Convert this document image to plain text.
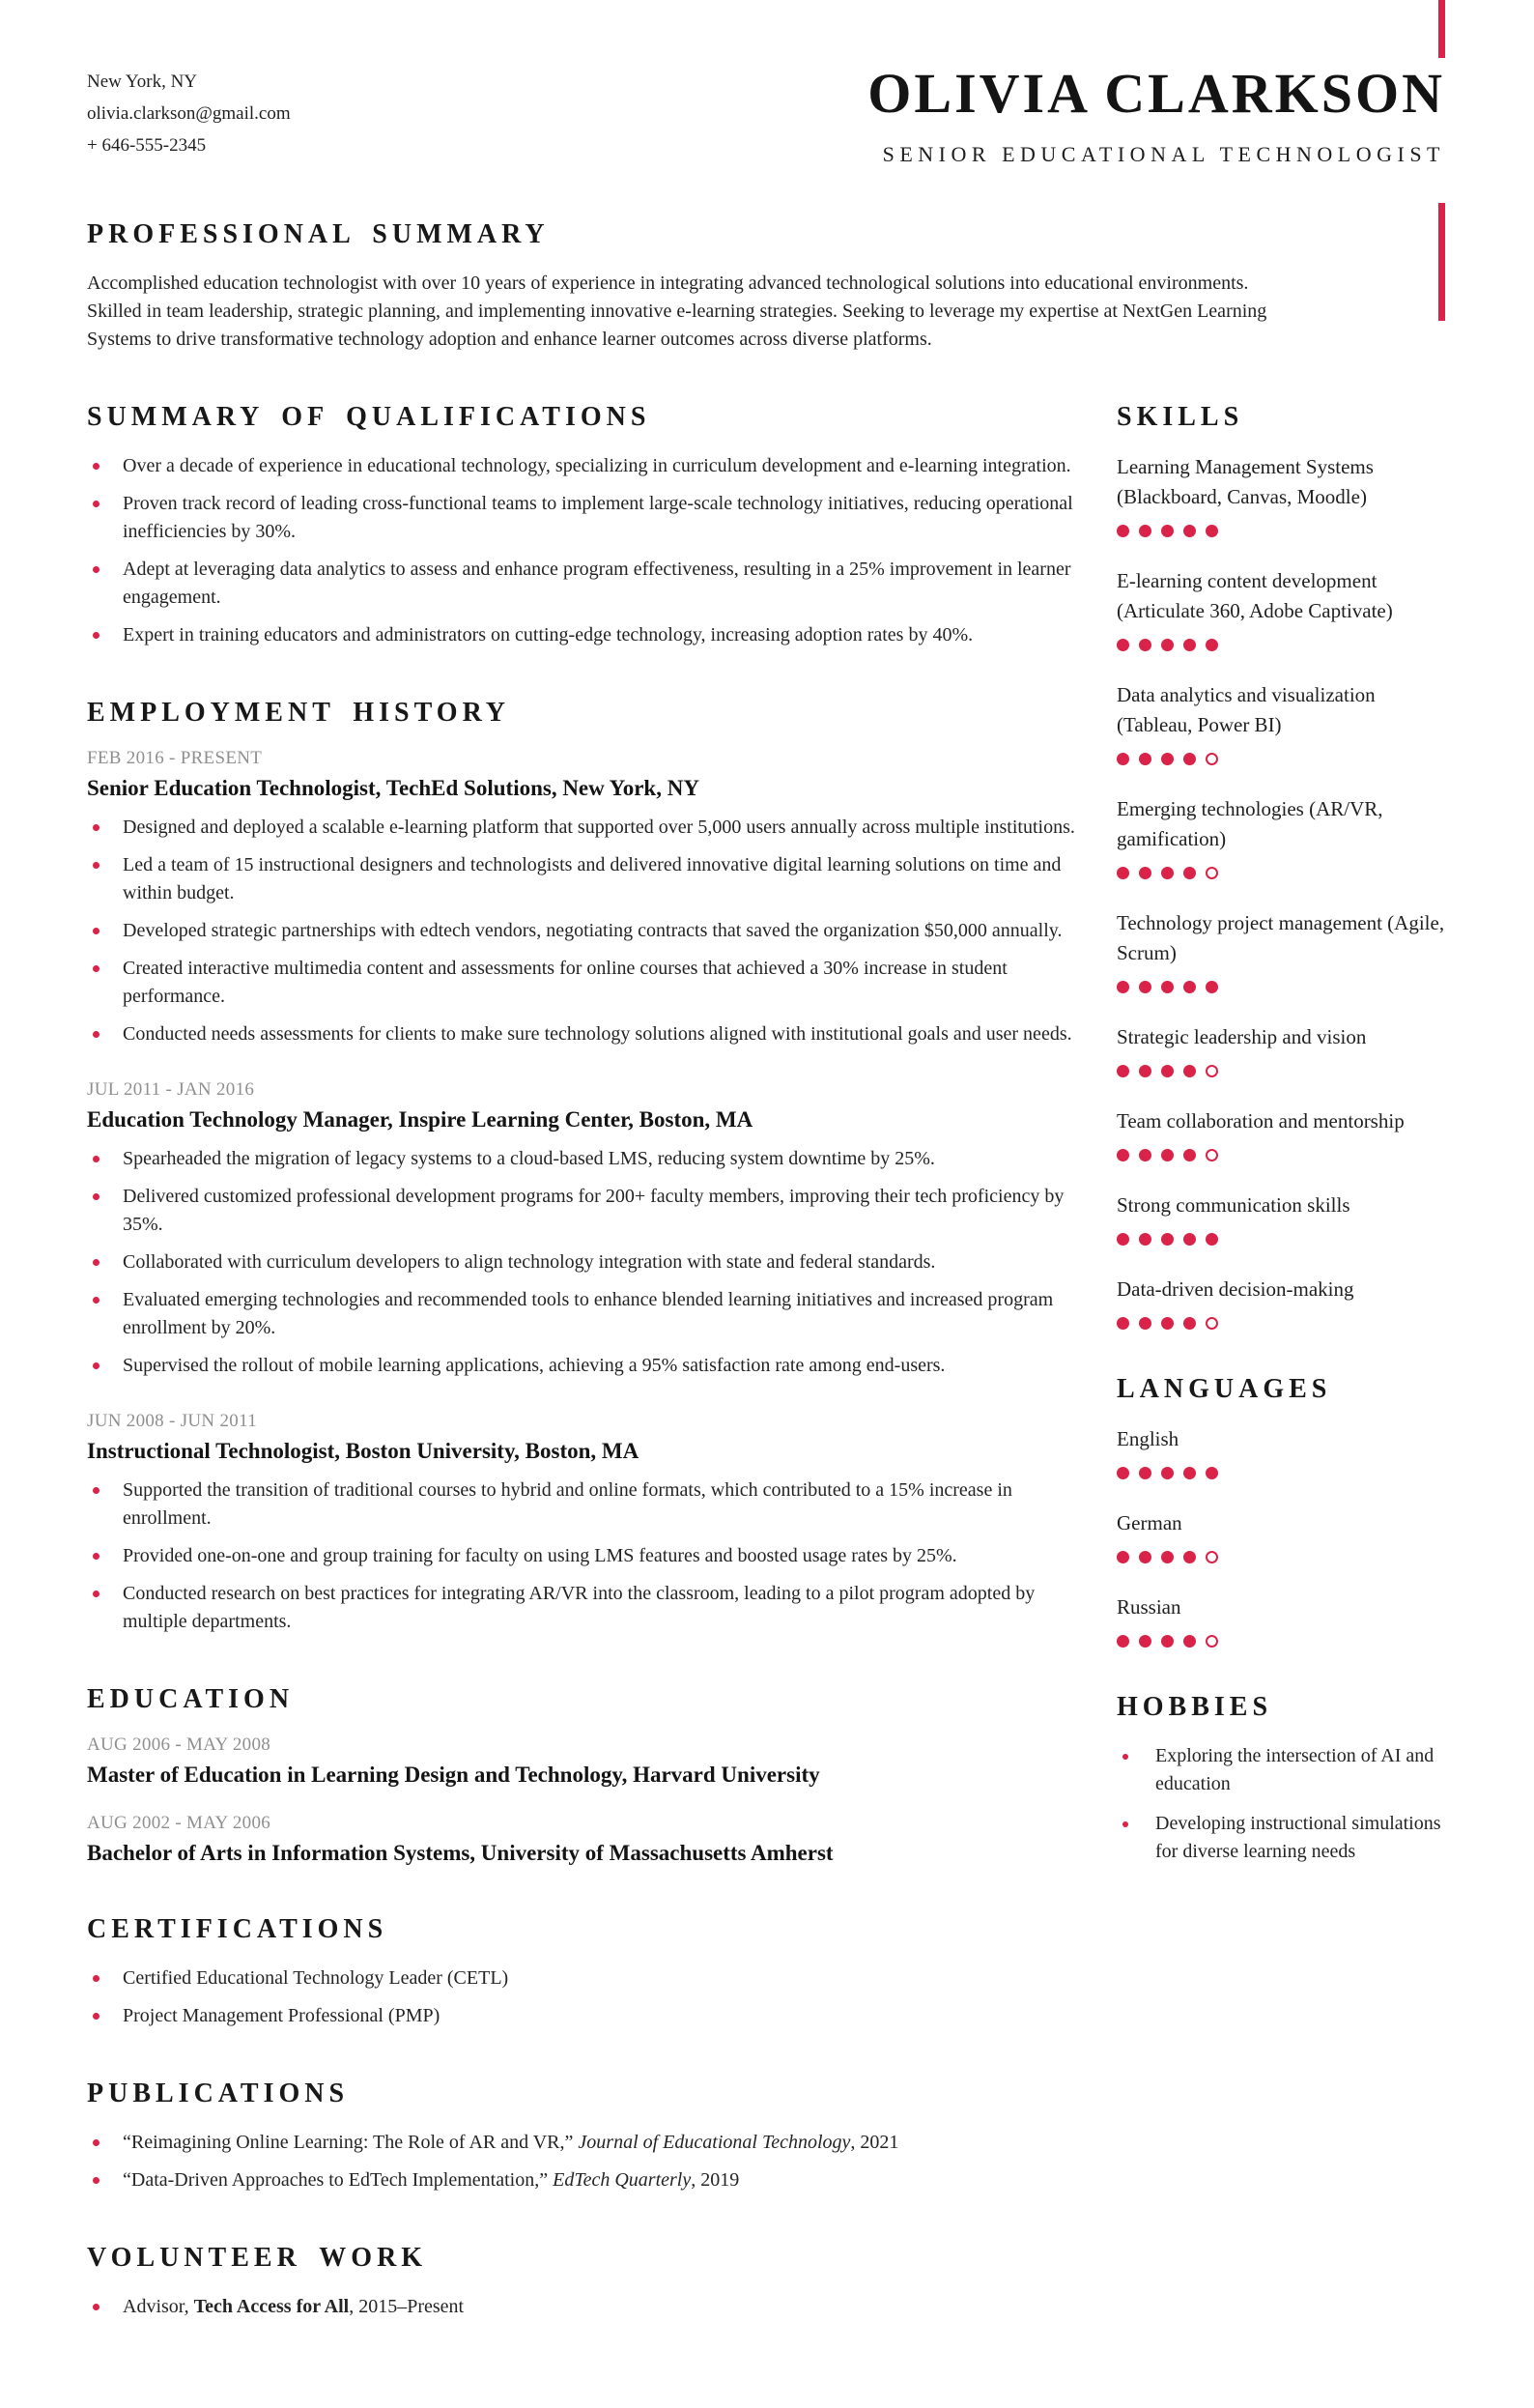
New York, NY
olivia.clarkson@gmail.com
+ 646-555-2345
OLIVIA CLARKSON
SENIOR EDUCATIONAL TECHNOLOGIST
PROFESSIONAL SUMMARY

Accomplished education technologist with over 10 years of experience in integrating advanced technological solutions into educational environments. Skilled in team leadership, strategic planning, and implementing innovative e-learning strategies. Seeking to leverage my expertise at NextGen Learning Systems to drive transformative technology adoption and enhance learner outcomes across diverse platforms.

SUMMARY OF QUALIFICATIONS
Over a decade of experience in educational technology, specializing in curriculum development and e-learning integration.
Proven track record of leading cross-functional teams to implement large-scale technology initiatives, reducing operational inefficiencies by 30%.
Adept at leveraging data analytics to assess and enhance program effectiveness, resulting in a 25% improvement in learner engagement.
Expert in training educators and administrators on cutting-edge technology, increasing adoption rates by 40%.
EMPLOYMENT HISTORY
FEB 2016 - PRESENT
Senior Education Technologist, TechEd Solutions, New York, NY
Designed and deployed a scalable e-learning platform that supported over 5,000 users annually across multiple institutions.
Led a team of 15 instructional designers and technologists and delivered innovative digital learning solutions on time and within budget.
Developed strategic partnerships with edtech vendors, negotiating contracts that saved the organization $50,000 annually.
Created interactive multimedia content and assessments for online courses that achieved a 30% increase in student performance.
Conducted needs assessments for clients to make sure technology solutions aligned with institutional goals and user needs.
JUL 2011 - JAN 2016
Education Technology Manager, Inspire Learning Center, Boston, MA
Spearheaded the migration of legacy systems to a cloud-based LMS, reducing system downtime by 25%.
Delivered customized professional development programs for 200+ faculty members, improving their tech proficiency by 35%.
Collaborated with curriculum developers to align technology integration with state and federal standards.
Evaluated emerging technologies and recommended tools to enhance blended learning initiatives and increased program enrollment by 20%.
Supervised the rollout of mobile learning applications, achieving a 95% satisfaction rate among end-users.
JUN 2008 - JUN 2011
Instructional Technologist, Boston University, Boston, MA
Supported the transition of traditional courses to hybrid and online formats, which contributed to a 15% increase in enrollment.
Provided one-on-one and group training for faculty on using LMS features and boosted usage rates by 25%.
Conducted research on best practices for integrating AR/VR into the classroom, leading to a pilot program adopted by multiple departments.
EDUCATION
AUG 2006 - MAY 2008
Master of Education in Learning Design and Technology, Harvard University
AUG 2002 - MAY 2006
Bachelor of Arts in Information Systems, University of Massachusetts Amherst
CERTIFICATIONS
Certified Educational Technology Leader (CETL)
Project Management Professional (PMP)
PUBLICATIONS
“Reimagining Online Learning: The Role of AR and VR,” Journal of Educational Technology, 2021
“Data-Driven Approaches to EdTech Implementation,” EdTech Quarterly, 2019
VOLUNTEER WORK
Advisor, Tech Access for All, 2015–Present
SKILLS
Learning Management Systems (Blackboard, Canvas, Moodle)
E-learning content development (Articulate 360, Adobe Captivate)
Data analytics and visualization (Tableau, Power BI)
Emerging technologies (AR/VR, gamification)
Technology project management (Agile, Scrum)
Strategic leadership and vision
Team collaboration and mentorship
Strong communication skills
Data-driven decision-making
LANGUAGES
English
German
Russian
HOBBIES
Exploring the intersection of AI and education
Developing instructional simulations for diverse learning needs
